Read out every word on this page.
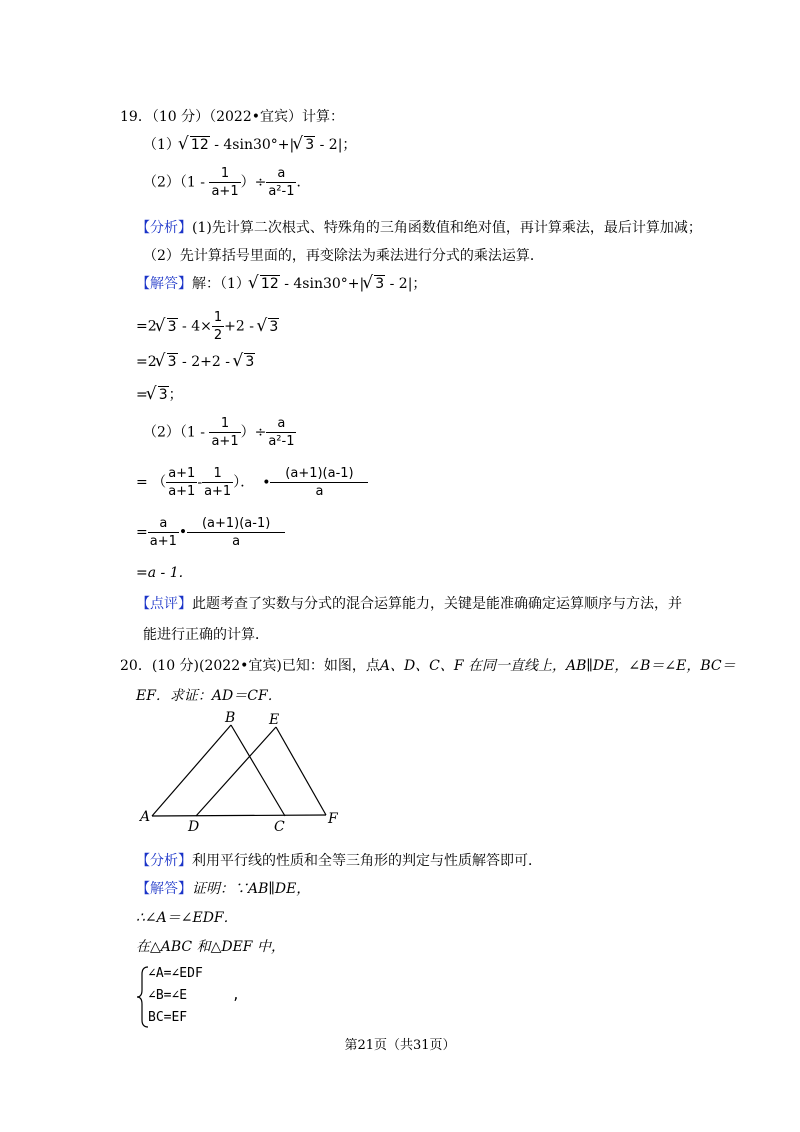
19．（10 分）（2022•宜宾）计算：
（1） √ 12 - 4sin30°+| √ 3 - 2|；
$(2)(1 - \frac{1}{a+1}$ ）÷ $\frac{a}{\text{a²-1}}$ ．
【分析】(1)先计算二次根式、特殊角的三角函数值和绝对值，再计算乘法，最后计算加减；
（2）先计算括号里面的，再变除法为乘法进行分式的乘法运算．
【解答】解：（1） √ 12 - 4sin30°+| √ 3 - 2|；
=2 √ $3 - 4\times \frac{1}{2} +2$ - √ 3
=2 √ 3 - 2+2 - √ 3
= √ 3；
$(2)(1 - \frac{1}{a+1}$ ）÷ $\frac{a}{\text{a²-1}}$
= （ $\frac{a+1}{a+1} - \frac{1}{a+1}$ ）． • $\frac{(a+1)(a-1)}{a}$
= $\frac{a}{a+1}$ • $\frac{(a+1)(a-1)}{a}$
=a - 1.
【点评】此题考查了实数与分式的混合运算能力，关键是能准确确定运算顺序与方法，并
能进行正确的计算．
20．(10 分)(2022•宜宾)已知：如图，点A、D、C、F 在同一直线上，AB∥DE，∠B＝∠E，BC＝
EF．求证：AD＝CF．
A
B
C
D
E
F
【分析】利用平行线的性质和全等三角形的判定与性质解答即可．
【解答】证明：∵AB∥DE，
∴∠A＝∠EDF．
在△ABC 和△DEF 中，
∠A=∠EDF
∠B=∠E	,
BC=EF
第21页（共31页）
